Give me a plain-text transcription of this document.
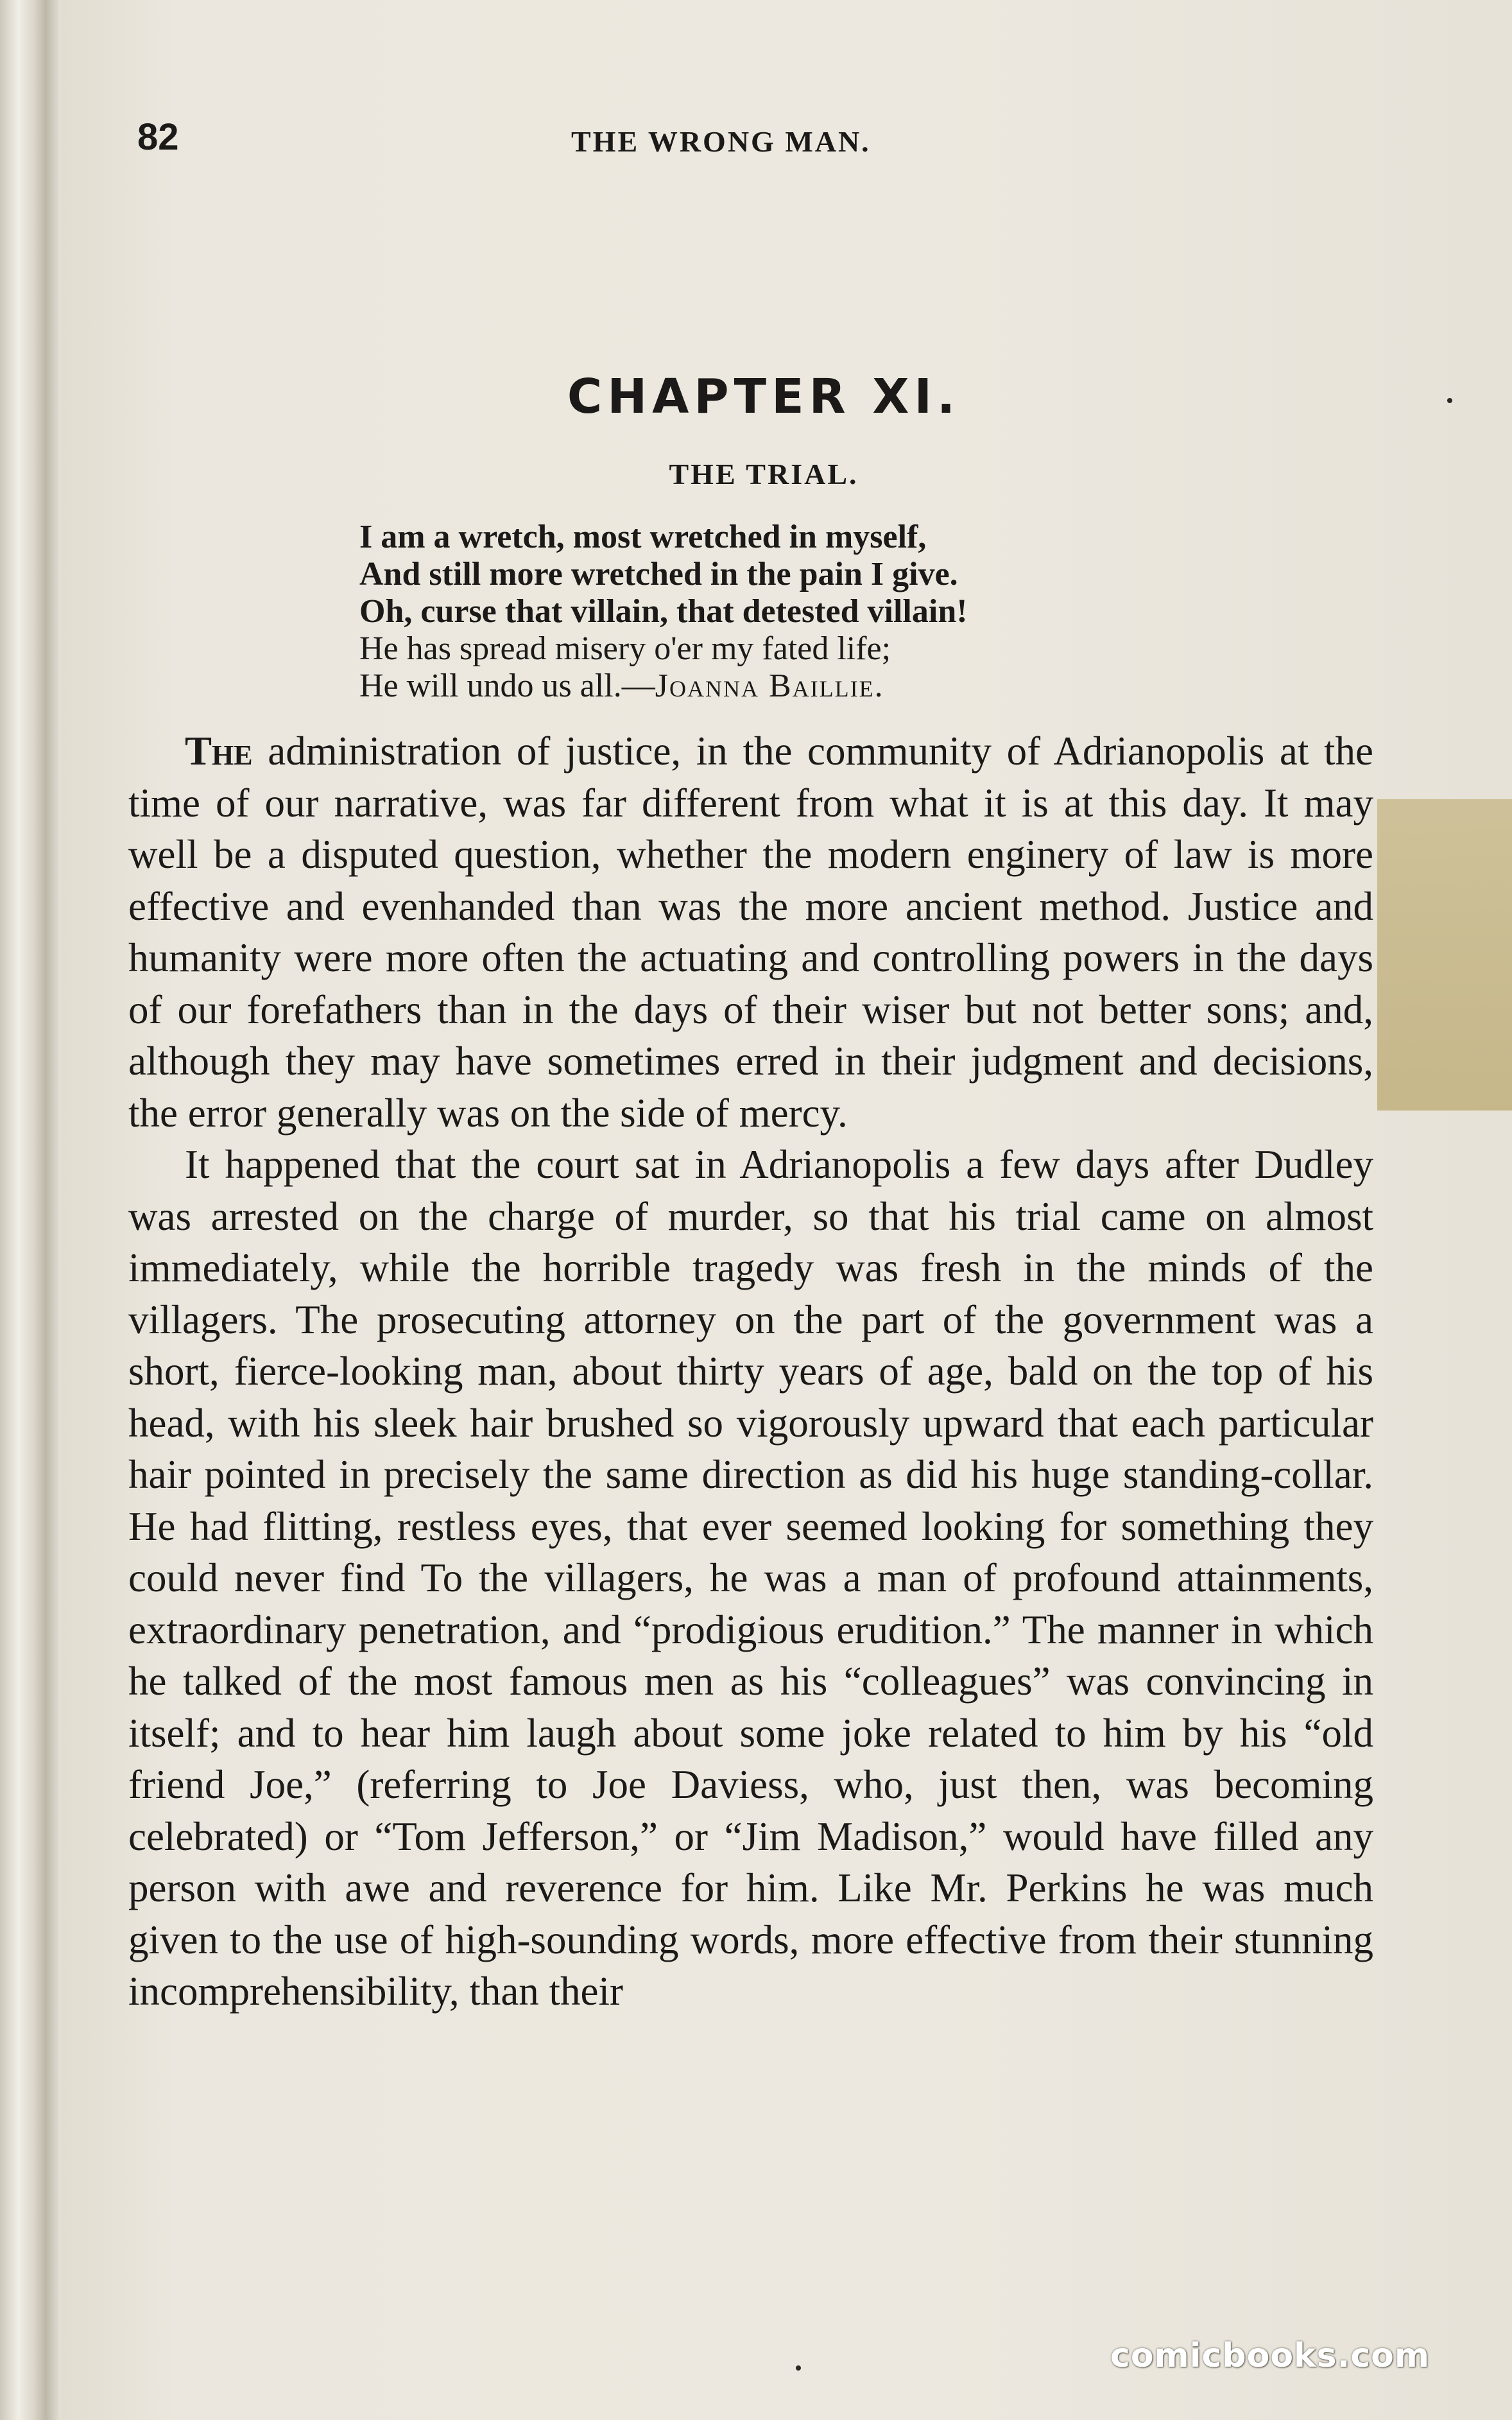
82	THE WRONG MAN.
CHAPTER XI.
THE TRIAL.
I am a wretch, most wretched in myself,
And still more wretched in the pain I give.
Oh, curse that villain, that detested villain!
He has spread misery o'er my fated life;
He will undo us all.—Joanna Baillie.

The administration of justice, in the community of Adrianopolis at the time of our narrative, was far different from what it is at this day. It may well be a disputed question, whether the modern enginery of law is more effective and evenhanded than was the more ancient method. Justice and humanity were more often the actuating and controlling powers in the days of our forefathers than in the days of their wiser but not better sons; and, although they may have sometimes erred in their judgment and decisions, the error generally was on the side of mercy.

It happened that the court sat in Adrianopolis a few days after Dudley was arrested on the charge of murder, so that his trial came on almost immediately, while the horrible tragedy was fresh in the minds of the villagers. The prosecuting attorney on the part of the government was a short, fierce-looking man, about thirty years of age, bald on the top of his head, with his sleek hair brushed so vigorously upward that each particular hair pointed in precisely the same direction as did his huge standing-collar. He had flitting, restless eyes, that ever seemed looking for something they could never find To the villagers, he was a man of profound attainments, extraordinary penetration, and “prodigious erudition.” The manner in which he talked of the most famous men as his “colleagues” was convincing in itself; and to hear him laugh about some joke related to him by his “old friend Joe,” (referring to Joe Daviess, who, just then, was becoming celebrated) or “Tom Jefferson,” or “Jim Madison,” would have filled any person with awe and reverence for him. Like Mr. Perkins he was much given to the use of high-sounding words, more effective from their stunning incomprehensibility, than their

comicbooks.com
